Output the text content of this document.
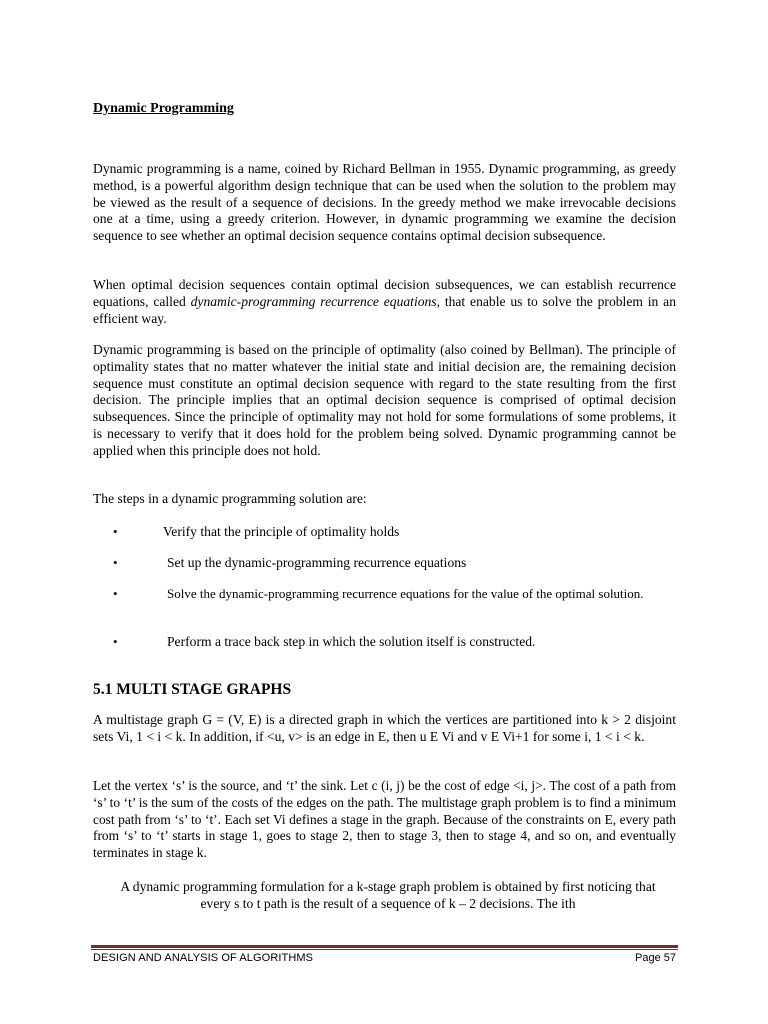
Dynamic Programming
Dynamic programming is a name, coined by Richard Bellman in 1955. Dynamic programming, as greedy method, is a powerful algorithm design technique that can be used when the solution to the problem may be viewed as the result of a sequence of decisions. In the greedy method we make irrevocable decisions one at a time, using a greedy criterion. However, in dynamic programming we examine the decision sequence to see whether an optimal decision sequence contains optimal decision subsequence.
When optimal decision sequences contain optimal decision subsequences, we can establish recurrence equations, called dynamic-programming recurrence equations, that enable us to solve the problem in an efficient way.
Dynamic programming is based on the principle of optimality (also coined by Bellman). The principle of optimality states that no matter whatever the initial state and initial decision are, the remaining decision sequence must constitute an optimal decision sequence with regard to the state resulting from the first decision. The principle implies that an optimal decision sequence is comprised of optimal decision subsequences. Since the principle of optimality may not hold for some formulations of some problems, it is necessary to verify that it does hold for the problem being solved. Dynamic programming cannot be applied when this principle does not hold.
The steps in a dynamic programming solution are:
•	Verify that the principle of optimality holds
•	Set up the dynamic-programming recurrence equations
•	Solve the dynamic-programming recurrence equations for the value of the optimal solution.
•	Perform a trace back step in which the solution itself is constructed.
5.1 MULTI STAGE GRAPHS
A multistage graph G = (V, E) is a directed graph in which the vertices are partitioned into k > 2 disjoint sets Vi, 1 < i < k. In addition, if <u, v> is an edge in E, then u E Vi and v E Vi+1 for some i, 1 < i < k.
Let the vertex ‘s’ is the source, and ‘t’ the sink. Let c (i, j) be the cost of edge <i, j>. The cost of a path from ‘s’ to ‘t’ is the sum of the costs of the edges on the path. The multistage graph problem is to find a minimum cost path from ‘s’ to ‘t’. Each set Vi defines a stage in the graph. Because of the constraints on E, every path from ‘s’ to ‘t’ starts in stage 1, goes to stage 2, then to stage 3, then to stage 4, and so on, and eventually terminates in stage k.
A dynamic programming formulation for a k-stage graph problem is obtained by first noticing that every s to t path is the result of a sequence of k – 2 decisions. The ith
DESIGN AND ANALYSIS OF ALGORITHMS	Page 57
